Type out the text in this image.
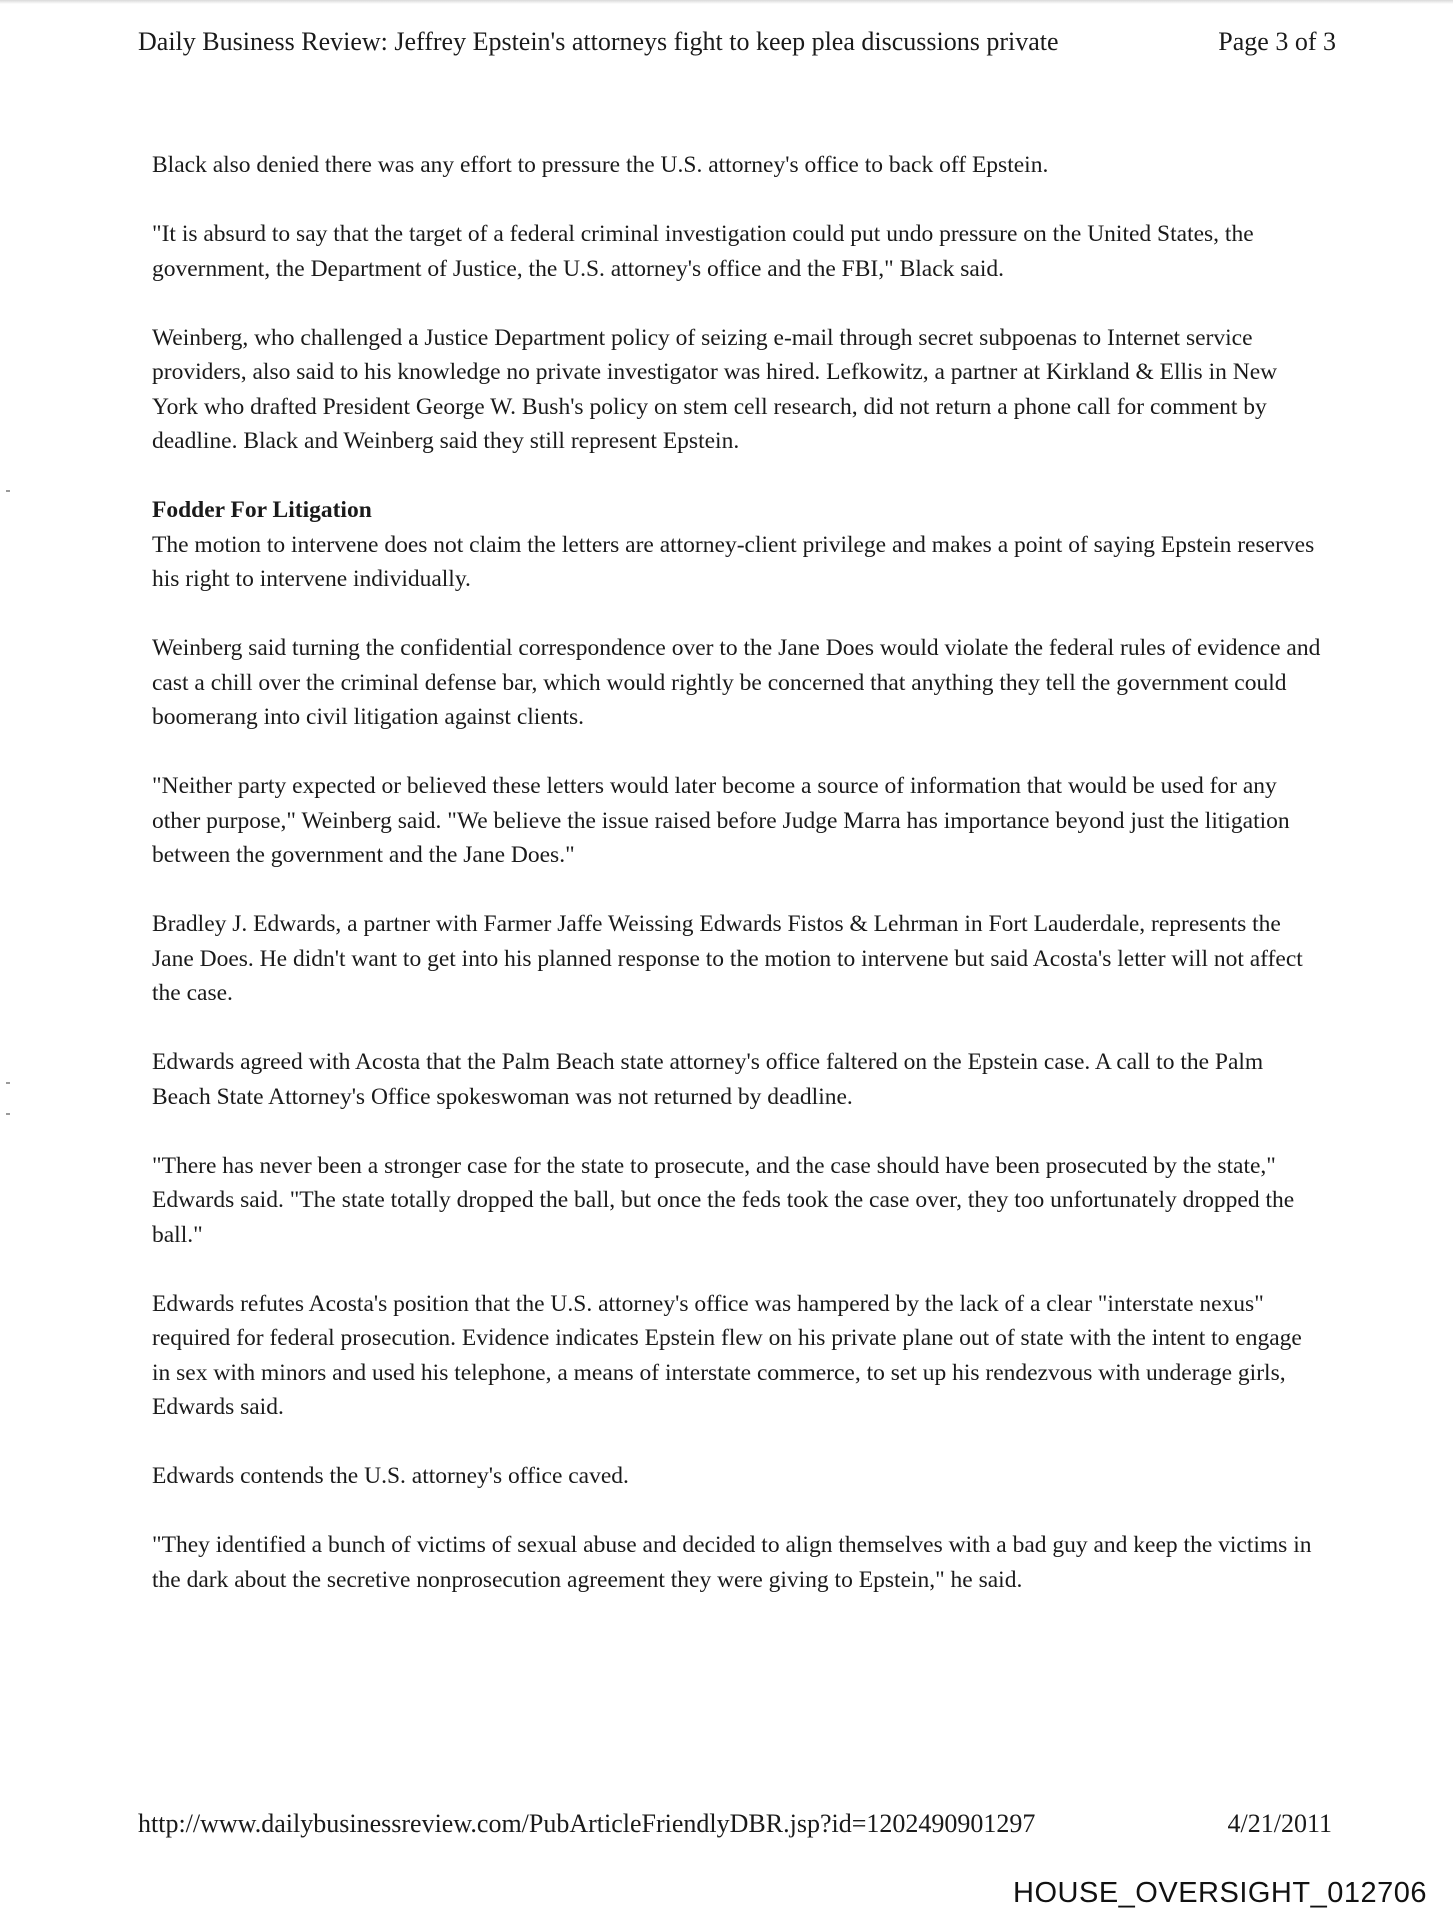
Daily Business Review: Jeffrey Epstein's attorneys fight to keep plea discussions private	Page 3 of 3

Black also denied there was any effort to pressure the U.S. attorney's office to back off Epstein.

"It is absurd to say that the target of a federal criminal investigation could put undo pressure on the United States, the government, the Department of Justice, the U.S. attorney's office and the FBI," Black said.

Weinberg, who challenged a Justice Department policy of seizing e-mail through secret subpoenas to Internet service providers, also said to his knowledge no private investigator was hired. Lefkowitz, a partner at Kirkland & Ellis in New York who drafted President George W. Bush's policy on stem cell research, did not return a phone call for comment by deadline. Black and Weinberg said they still represent Epstein.

Fodder For Litigation

The motion to intervene does not claim the letters are attorney-client privilege and makes a point of saying Epstein reserves his right to intervene individually.

Weinberg said turning the confidential correspondence over to the Jane Does would violate the federal rules of evidence and cast a chill over the criminal defense bar, which would rightly be concerned that anything they tell the government could boomerang into civil litigation against clients.

"Neither party expected or believed these letters would later become a source of information that would be used for any other purpose," Weinberg said. "We believe the issue raised before Judge Marra has importance beyond just the litigation between the government and the Jane Does."

Bradley J. Edwards, a partner with Farmer Jaffe Weissing Edwards Fistos & Lehrman in Fort Lauderdale, represents the Jane Does. He didn't want to get into his planned response to the motion to intervene but said Acosta's letter will not affect the case.

Edwards agreed with Acosta that the Palm Beach state attorney's office faltered on the Epstein case. A call to the Palm Beach State Attorney's Office spokeswoman was not returned by deadline.

"There has never been a stronger case for the state to prosecute, and the case should have been prosecuted by the state," Edwards said. "The state totally dropped the ball, but once the feds took the case over, they too unfortunately dropped the ball."

Edwards refutes Acosta's position that the U.S. attorney's office was hampered by the lack of a clear "interstate nexus" required for federal prosecution. Evidence indicates Epstein flew on his private plane out of state with the intent to engage in sex with minors and used his telephone, a means of interstate commerce, to set up his rendezvous with underage girls, Edwards said.

Edwards contends the U.S. attorney's office caved.

"They identified a bunch of victims of sexual abuse and decided to align themselves with a bad guy and keep the victims in the dark about the secretive nonprosecution agreement they were giving to Epstein," he said.

http://www.dailybusinessreview.com/PubArticleFriendlyDBR.jsp?id=1202490901297	4/21/2011
HOUSE_OVERSIGHT_012706
